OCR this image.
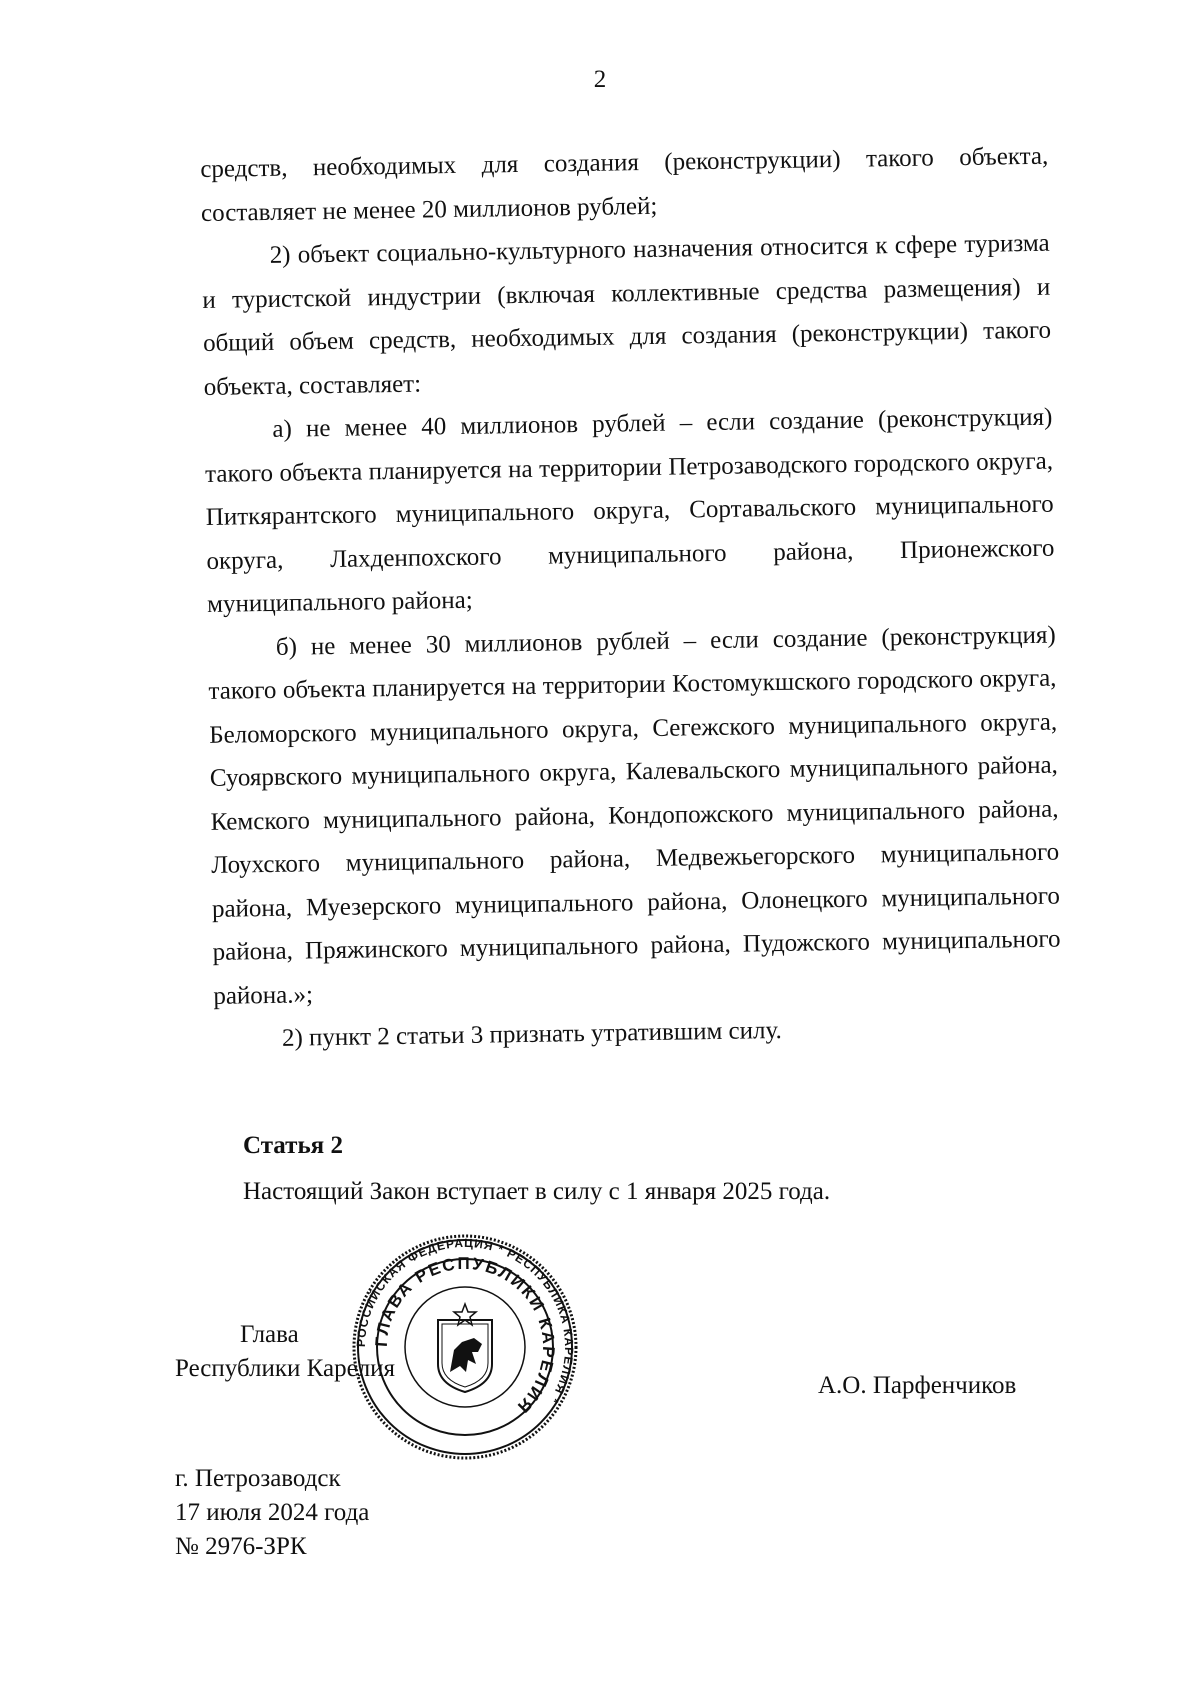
2

средств, необходимых для создания (реконструкции) такого объекта, составляет не менее 20 миллионов рублей;

2) объект социально-культурного назначения относится к сфере туризма и туристской индустрии (включая коллективные средства размещения) и общий объем средств, необходимых для создания (реконструкции) такого объекта, составляет:

а) не менее 40 миллионов рублей – если создание (реконструкция) такого объекта планируется на территории Петрозаводского городского округа, Питкярантского муниципального округа, Сортавальского муниципального округа, Лахденпохского муниципального района, Прионежского муниципального района;

б) не менее 30 миллионов рублей – если создание (реконструкция) такого объекта планируется на территории Костомукшского городского округа, Беломорского муниципального округа, Сегежского муниципального округа, Суоярвского муниципального округа, Калевальского муниципального района, Кемского муниципального района, Кондопожского муниципального района, Лоухского муниципального района, Медвежьегорского муниципального района, Муезерского муниципального района, Олонецкого муниципального района, Пряжинского муниципального района, Пудожского муниципального района.»;

2) пункт 2 статьи 3 признать утратившим силу.

Статья 2
Настоящий Закон вступает в силу с 1 января 2025 года.
Глава
Республики Карелия
А.О. Парфенчиков
г. Петрозаводск
17 июля 2024 года
№ 2976-ЗРК
РОССИЙСКАЯ ФЕДЕРАЦИЯ * РЕСПУБЛИКА КАРЕЛИЯ *
ГЛАВА РЕСПУБЛИКИ КАРЕЛИЯ
